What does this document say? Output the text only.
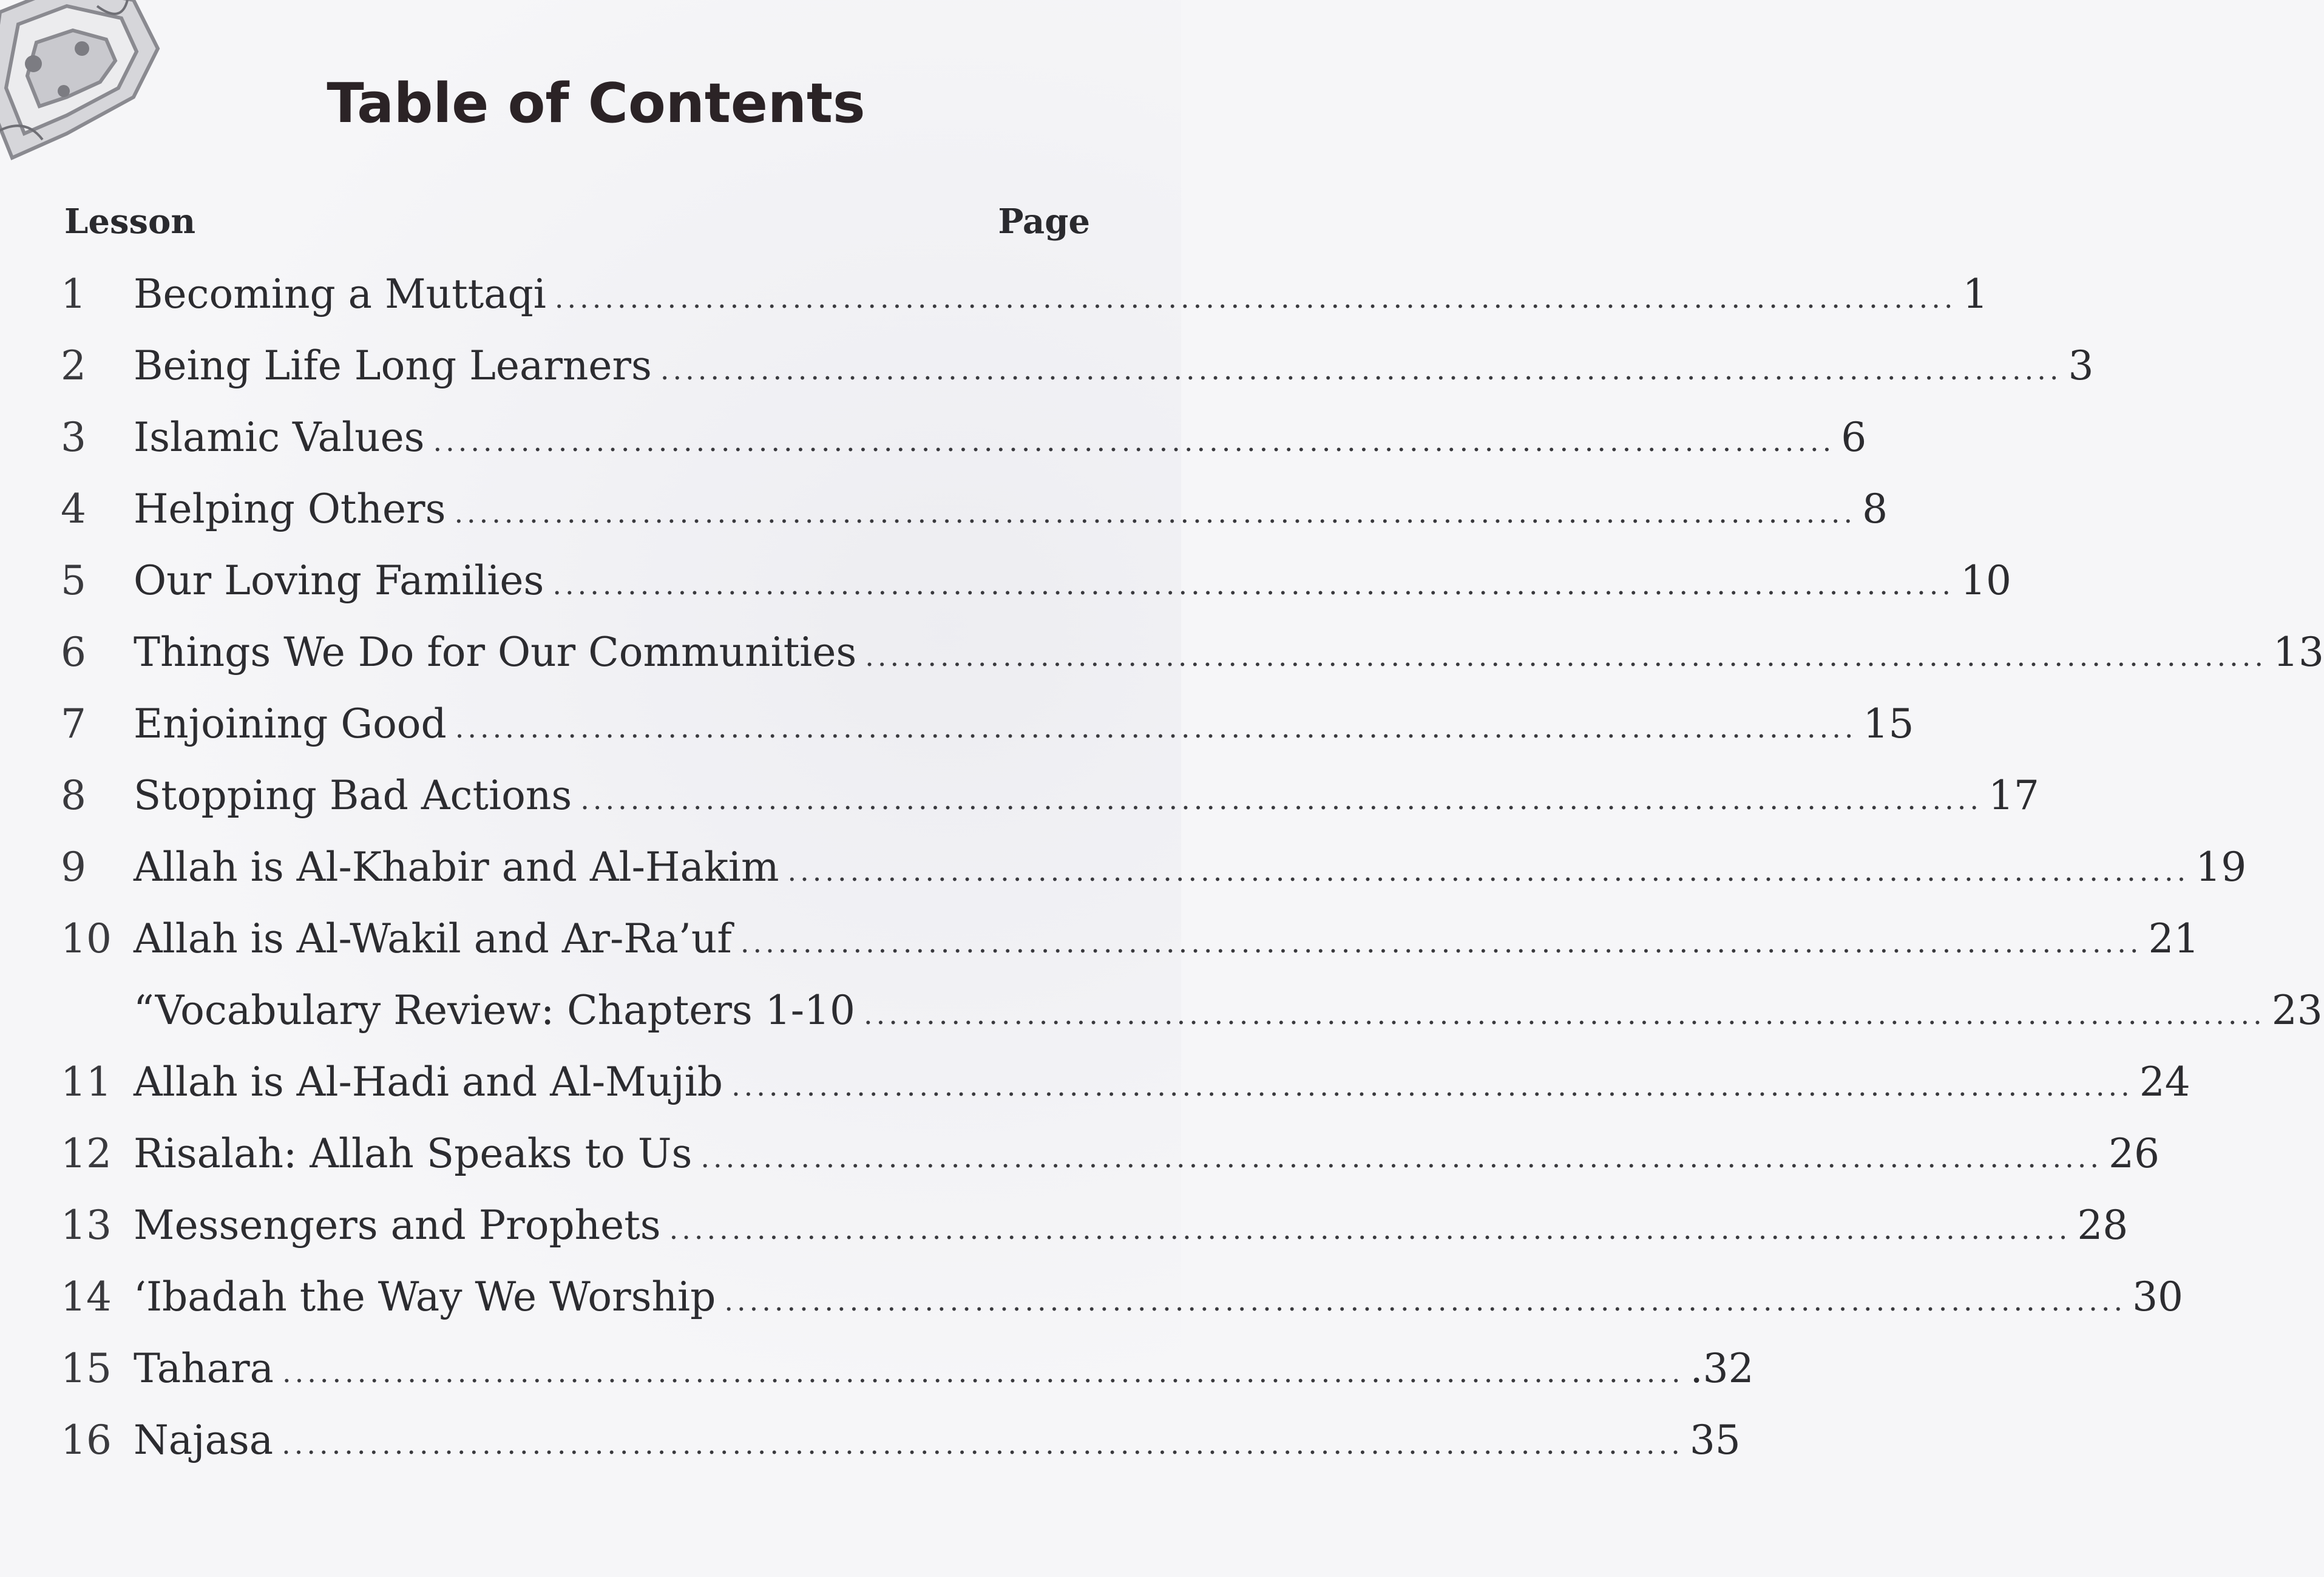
Table of Contents
Lesson	Page
1	Becoming a Muttaqi ................................................................................................................ 1
2	Being Life Long Learners ................................................................................................................ 3
3	Islamic Values ................................................................................................................ 6
4	Helping Others ................................................................................................................ 8
5	Our Loving Families ................................................................................................................ 10
6	Things We Do for Our Communities ................................................................................................................ 13
7	Enjoining Good ................................................................................................................ 15
8	Stopping Bad Actions ................................................................................................................ 17
9	Allah is Al-Khabir and Al-Hakim ................................................................................................................ 19
10 Allah is Al-Wakil and Ar-Ra’uf ................................................................................................................ 21
“Vocabulary Review: Chapters 1-10 ................................................................................................................ 23
11 Allah is Al-Hadi and Al-Mujib ................................................................................................................ 24
12 Risalah: Allah Speaks to Us ................................................................................................................ 26
13 Messengers and Prophets ................................................................................................................ 28
14 ‘Ibadah the Way We Worship ................................................................................................................ 30
15 Tahara ................................................................................................................ .32
16 Najasa ................................................................................................................ 35
